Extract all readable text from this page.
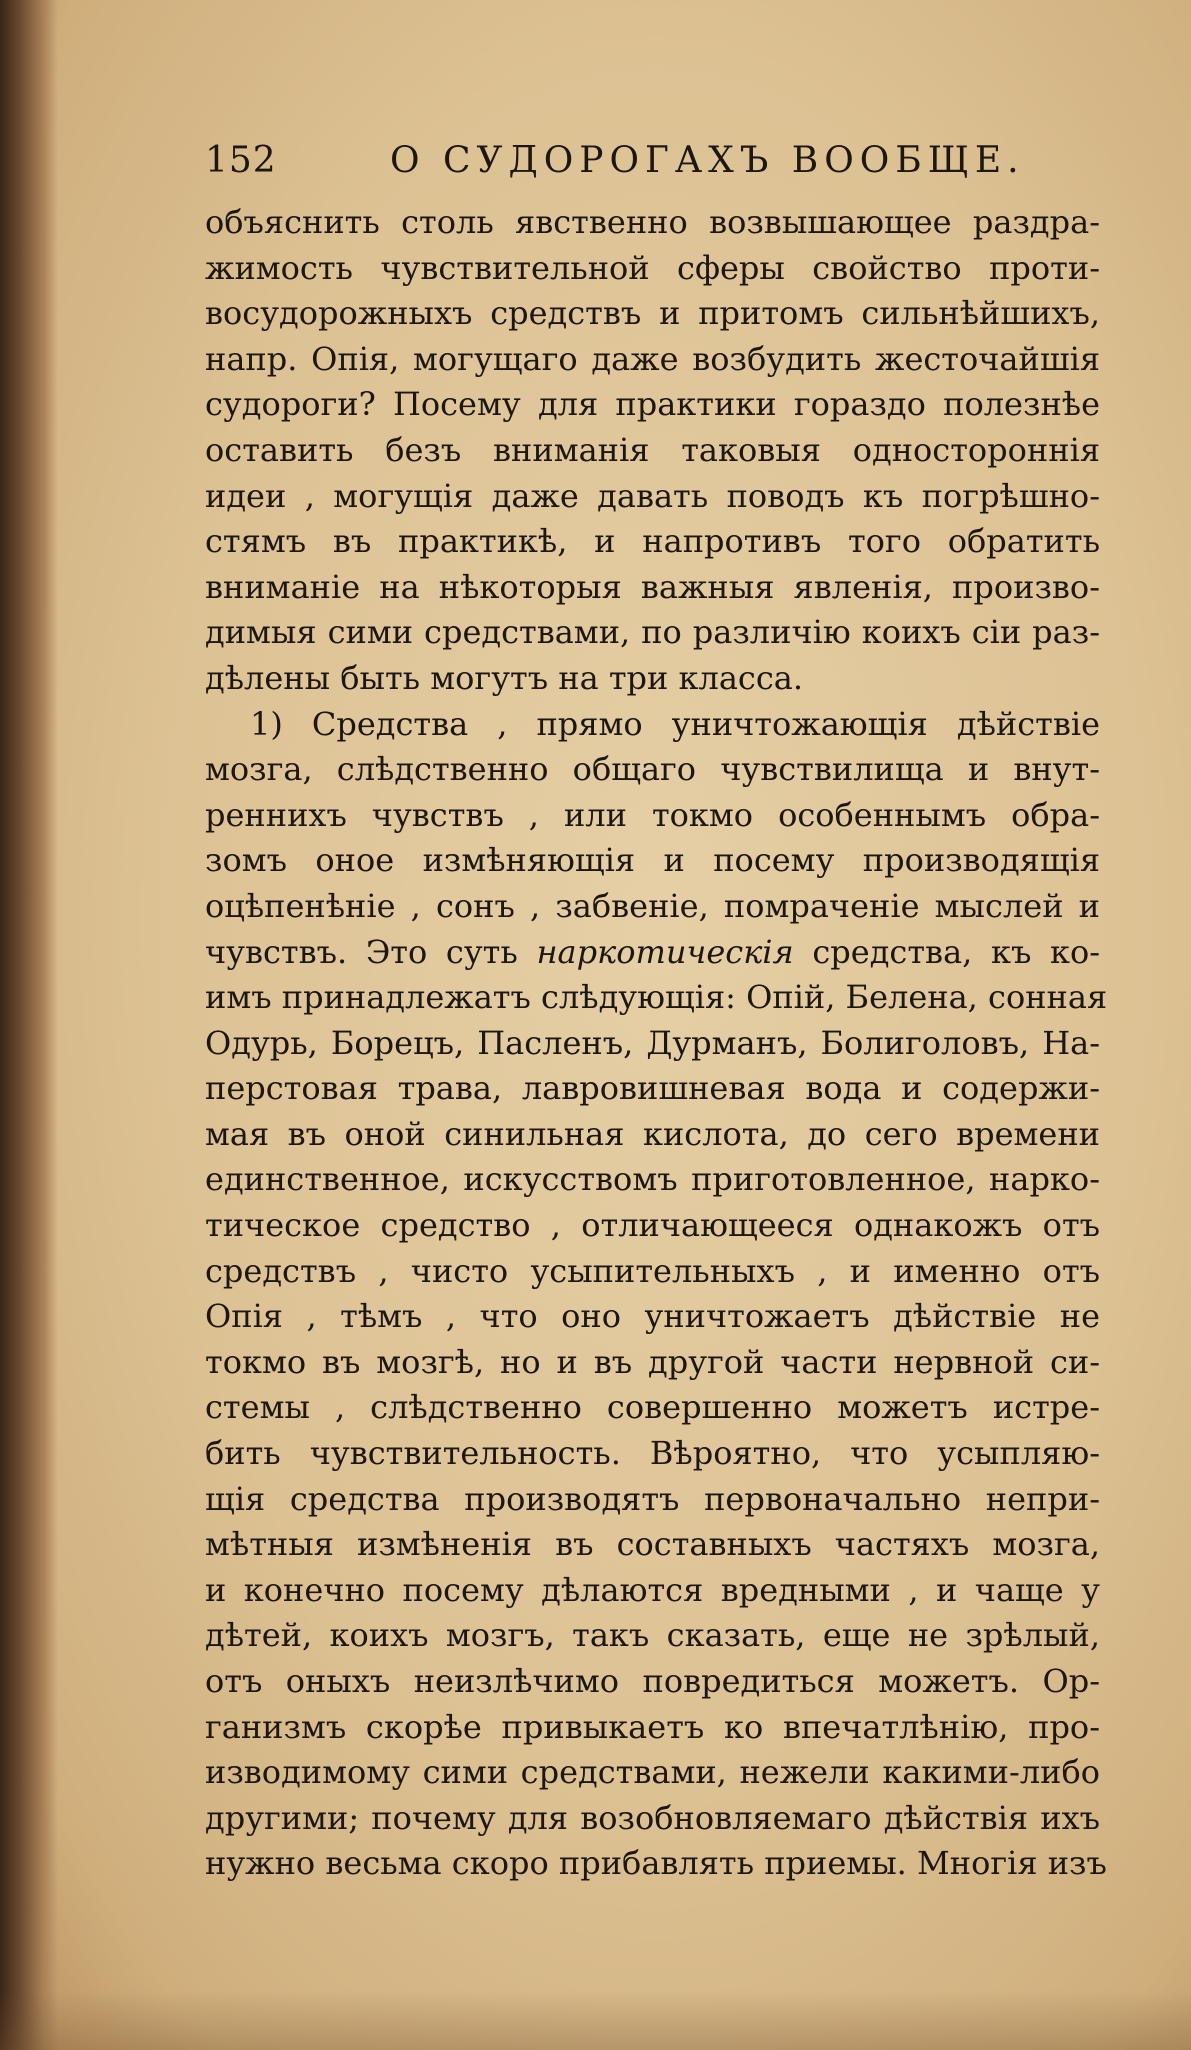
152	О СУДОРОГАХЪ ВООБЩЕ.
объяснить столь явственно возвышающее раздра-
жимость чувствительной сферы свойство проти-
восудорожныхъ средствъ и притомъ сильнѣйшихъ,
напр. Опія, могущаго даже возбудить жесточайшія
судороги? Посему для практики гораздо полезнѣе
оставить безъ вниманія таковыя одностороннія
идеи , могущія даже давать поводъ къ погрѣшно-
стямъ въ практикѣ, и напротивъ того обратить
вниманіе на нѣкоторыя важныя явленія, произво-
димыя сими средствами, по различію коихъ сіи раз-
дѣлены быть могутъ на три класса.
1) Средства , прямо уничтожающія дѣйствіе
мозга, слѣдственно общаго чувствилища и внут-
реннихъ чувствъ , или токмо особеннымъ обра-
зомъ оное измѣняющія и посему производящія
оцѣпенѣніе , сонъ , забвеніе, помраченіе мыслей и
чувствъ. Это суть наркотическія средства, къ ко-
имъ принадлежатъ слѣдующія: Опій, Белена, сонная
Одурь, Борецъ, Пасленъ, Дурманъ, Болиголовъ, На-
перстовая трава, лавровишневая вода и содержи-
мая въ оной синильная кислота, до сего времени
единственное, искусствомъ приготовленное, нарко-
тическое средство , отличающееся однакожъ отъ
средствъ , чисто усыпительныхъ , и именно отъ
Опія , тѣмъ , что оно уничтожаетъ дѣйствіе не
токмо въ мозгѣ, но и въ другой части нервной си-
стемы , слѣдственно совершенно можетъ истре-
бить чувствительность. Вѣроятно, что усыпляю-
щія средства производятъ первоначально непри-
мѣтныя измѣненія въ составныхъ частяхъ мозга,
и конечно посему дѣлаются вредными , и чаще у
дѣтей, коихъ мозгъ, такъ сказать, еще не зрѣлый,
отъ оныхъ неизлѣчимо повредиться можетъ. Ор-
ганизмъ скорѣе привыкаетъ ко впечатлѣнію, про-
изводимому сими средствами, нежели какими-либо
другими; почему для возобновляемаго дѣйствія ихъ
нужно весьма скоро прибавлять приемы. Многія изъ
